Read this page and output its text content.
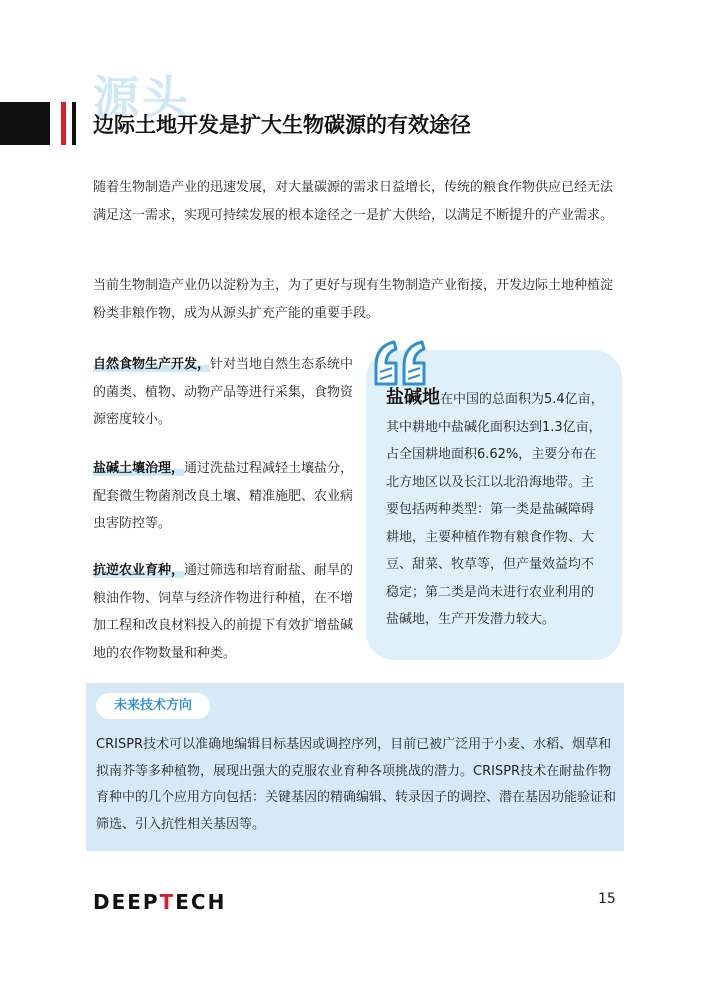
源头
边际土地开发是扩大生物碳源的有效途径

随着生物制造产业的迅速发展，对大量碳源的需求日益增长，传统的粮食作物供应已经无法满足这一需求，实现可持续发展的根本途径之一是扩大供给，以满足不断提升的产业需求。

当前生物制造产业仍以淀粉为主，为了更好与现有生物制造产业衔接，开发边际土地种植淀粉类非粮作物，成为从源头扩充产能的重要手段。

自然食物生产开发，针对当地自然生态系统中的菌类、植物、动物产品等进行采集，食物资源密度较小。

盐碱土壤治理，通过洗盐过程减轻土壤盐分，配套微生物菌剂改良土壤、精准施肥、农业病虫害防控等。

抗逆农业育种，通过筛选和培育耐盐、耐旱的粮油作物、饲草与经济作物进行种植，在不增加工程和改良材料投入的前提下有效扩增盐碱地的农作物数量和种类。

盐碱地在中国的总面积为5.4亿亩，其中耕地中盐碱化面积达到1.3亿亩，占全国耕地面积6.62%，主要分布在北方地区以及长江以北沿海地带。主要包括两种类型：第一类是盐碱障碍耕地，主要种植作物有粮食作物、大豆、甜菜、牧草等，但产量效益均不稳定；第二类是尚未进行农业利用的盐碱地，生产开发潜力较大。

未来技术方向

CRISPR技术可以准确地编辑目标基因或调控序列，目前已被广泛用于小麦、水稻、烟草和拟南芥等多种植物，展现出强大的克服农业育种各项挑战的潜力。CRISPR技术在耐盐作物育种中的几个应用方向包括：关键基因的精确编辑、转录因子的调控、潜在基因功能验证和筛选、引入抗性相关基因等。

DEEPTECH	15
